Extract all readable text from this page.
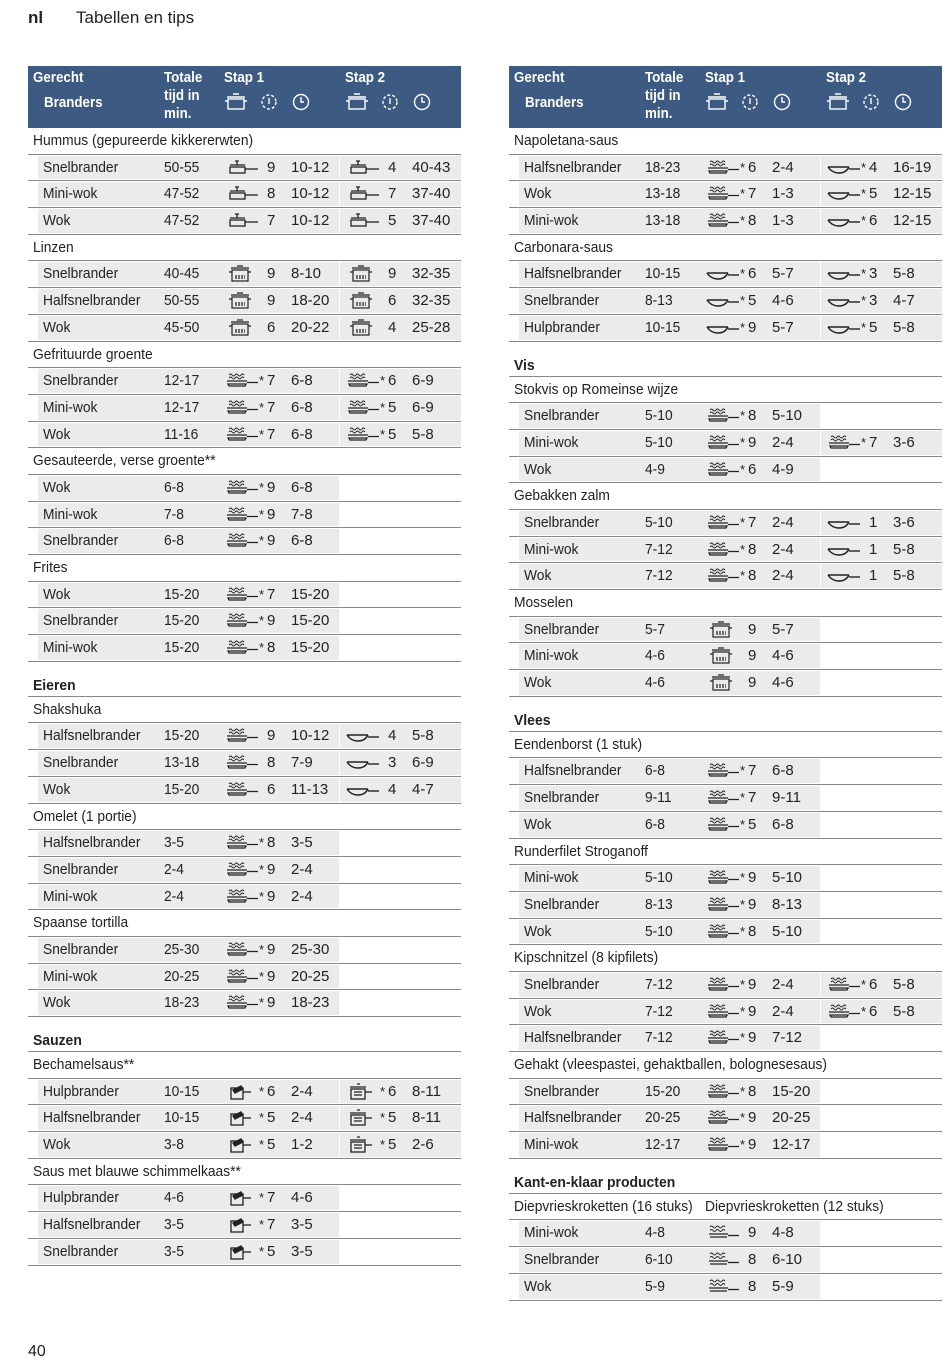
nl Tabellen en tips
Gerecht
Branders
Totale tijd in min.
Stap 1	Stap 2
Hummus (gepureerde kikkererwten)
Snelbrander	50-55	9 10-12	4 40-43
Mini-wok	47-52	8 10-12	7 37-40
Wok	47-52	7 10-12	5 37-40
Linzen
Snelbrander	40-45	9 8-10	9 32-35
Halfsnelbrander	50-55	9 18-20	6 32-35
Wok	45-50	6 20-22	4 25-28
Gefrituurde groente
Snelbrander	12-17	* 7 6-8	* 6 6-9
Mini-wok	12-17	* 7 6-8	* 5 6-9
Wok	11-16	* 7 6-8	* 5 5-8
Gesauteerde, verse groente**
Wok	6-8	* 9 6-8
Mini-wok	7-8	* 9 7-8
Snelbrander	6-8	* 9 6-8
Frites
Wok	15-20	* 7 15-20
Snelbrander	15-20	* 9 15-20
Mini-wok	15-20	* 8 15-20
Eieren
Shakshuka
Halfsnelbrander	15-20	9 10-12	4 5-8
Snelbrander	13-18	8 7-9	3 6-9
Wok	15-20	6 11-13	4 4-7
Omelet (1 portie)
Halfsnelbrander	3-5	* 8 3-5
Snelbrander	2-4	* 9 2-4
Mini-wok	2-4	* 9 2-4
Spaanse tortilla
Snelbrander	25-30	* 9 25-30
Mini-wok	20-25	* 9 20-25
Wok	18-23	* 9 18-23
Sauzen
Bechamelsaus**
Hulpbrander	10-15	* 6 2-4	* 6 8-11
Halfsnelbrander	10-15	* 5 2-4	* 5 8-11
Wok	3-8	* 5 1-2	* 5 2-6
Saus met blauwe schimmelkaas**
Hulpbrander	4-6	* 7 4-6
Halfsnelbrander	3-5	* 7 3-5
Snelbrander	3-5	* 5 3-5
Gerecht
Branders
Totale tijd in min.
Stap 1	Stap 2
Napoletana-saus
Halfsnelbrander	18-23	* 6 2-4	* 4 16-19
Wok	13-18	* 7 1-3	* 5 12-15
Mini-wok	13-18	* 8 1-3	* 6 12-15
Carbonara-saus
Halfsnelbrander	10-15	* 6 5-7	* 3 5-8
Snelbrander	8-13	* 5 4-6	* 3 4-7
Hulpbrander	10-15	* 9 5-7	* 5 5-8
Vis
Stokvis op Romeinse wijze
Snelbrander	5-10	* 8 5-10
Mini-wok	5-10	* 9 2-4	* 7 3-6
Wok	4-9	* 6 4-9
Gebakken zalm
Snelbrander	5-10	* 7 2-4	1 3-6
Mini-wok	7-12	* 8 2-4	1 5-8
Wok	7-12	* 8 2-4	1 5-8
Mosselen
Snelbrander	5-7	9 5-7
Mini-wok	4-6	9 4-6
Wok	4-6	9 4-6
Vlees
Eendenborst (1 stuk)
Halfsnelbrander	6-8	* 7 6-8
Snelbrander	9-11	* 7 9-11
Wok	6-8	* 5 6-8
Runderfilet Stroganoff
Mini-wok	5-10	* 9 5-10
Snelbrander	8-13	* 9 8-13
Wok	5-10	* 8 5-10
Kipschnitzel (8 kipfilets)
Snelbrander	7-12	* 9 2-4	* 6 5-8
Wok	7-12	* 9 2-4	* 6 5-8
Halfsnelbrander	7-12	* 9 7-12
Gehakt (vleespastei, gehaktballen, bolognesesaus)
Snelbrander	15-20	* 8 15-20
Halfsnelbrander	20-25	* 9 20-25
Mini-wok	12-17	* 9 12-17
Kant-en-klaar producten
Diepvrieskroketten (16 stuks) Diepvrieskroketten (12 stuks)
Mini-wok	4-8	9 4-8
Snelbrander	6-10	8 6-10
Wok	5-9	8 5-9
40
